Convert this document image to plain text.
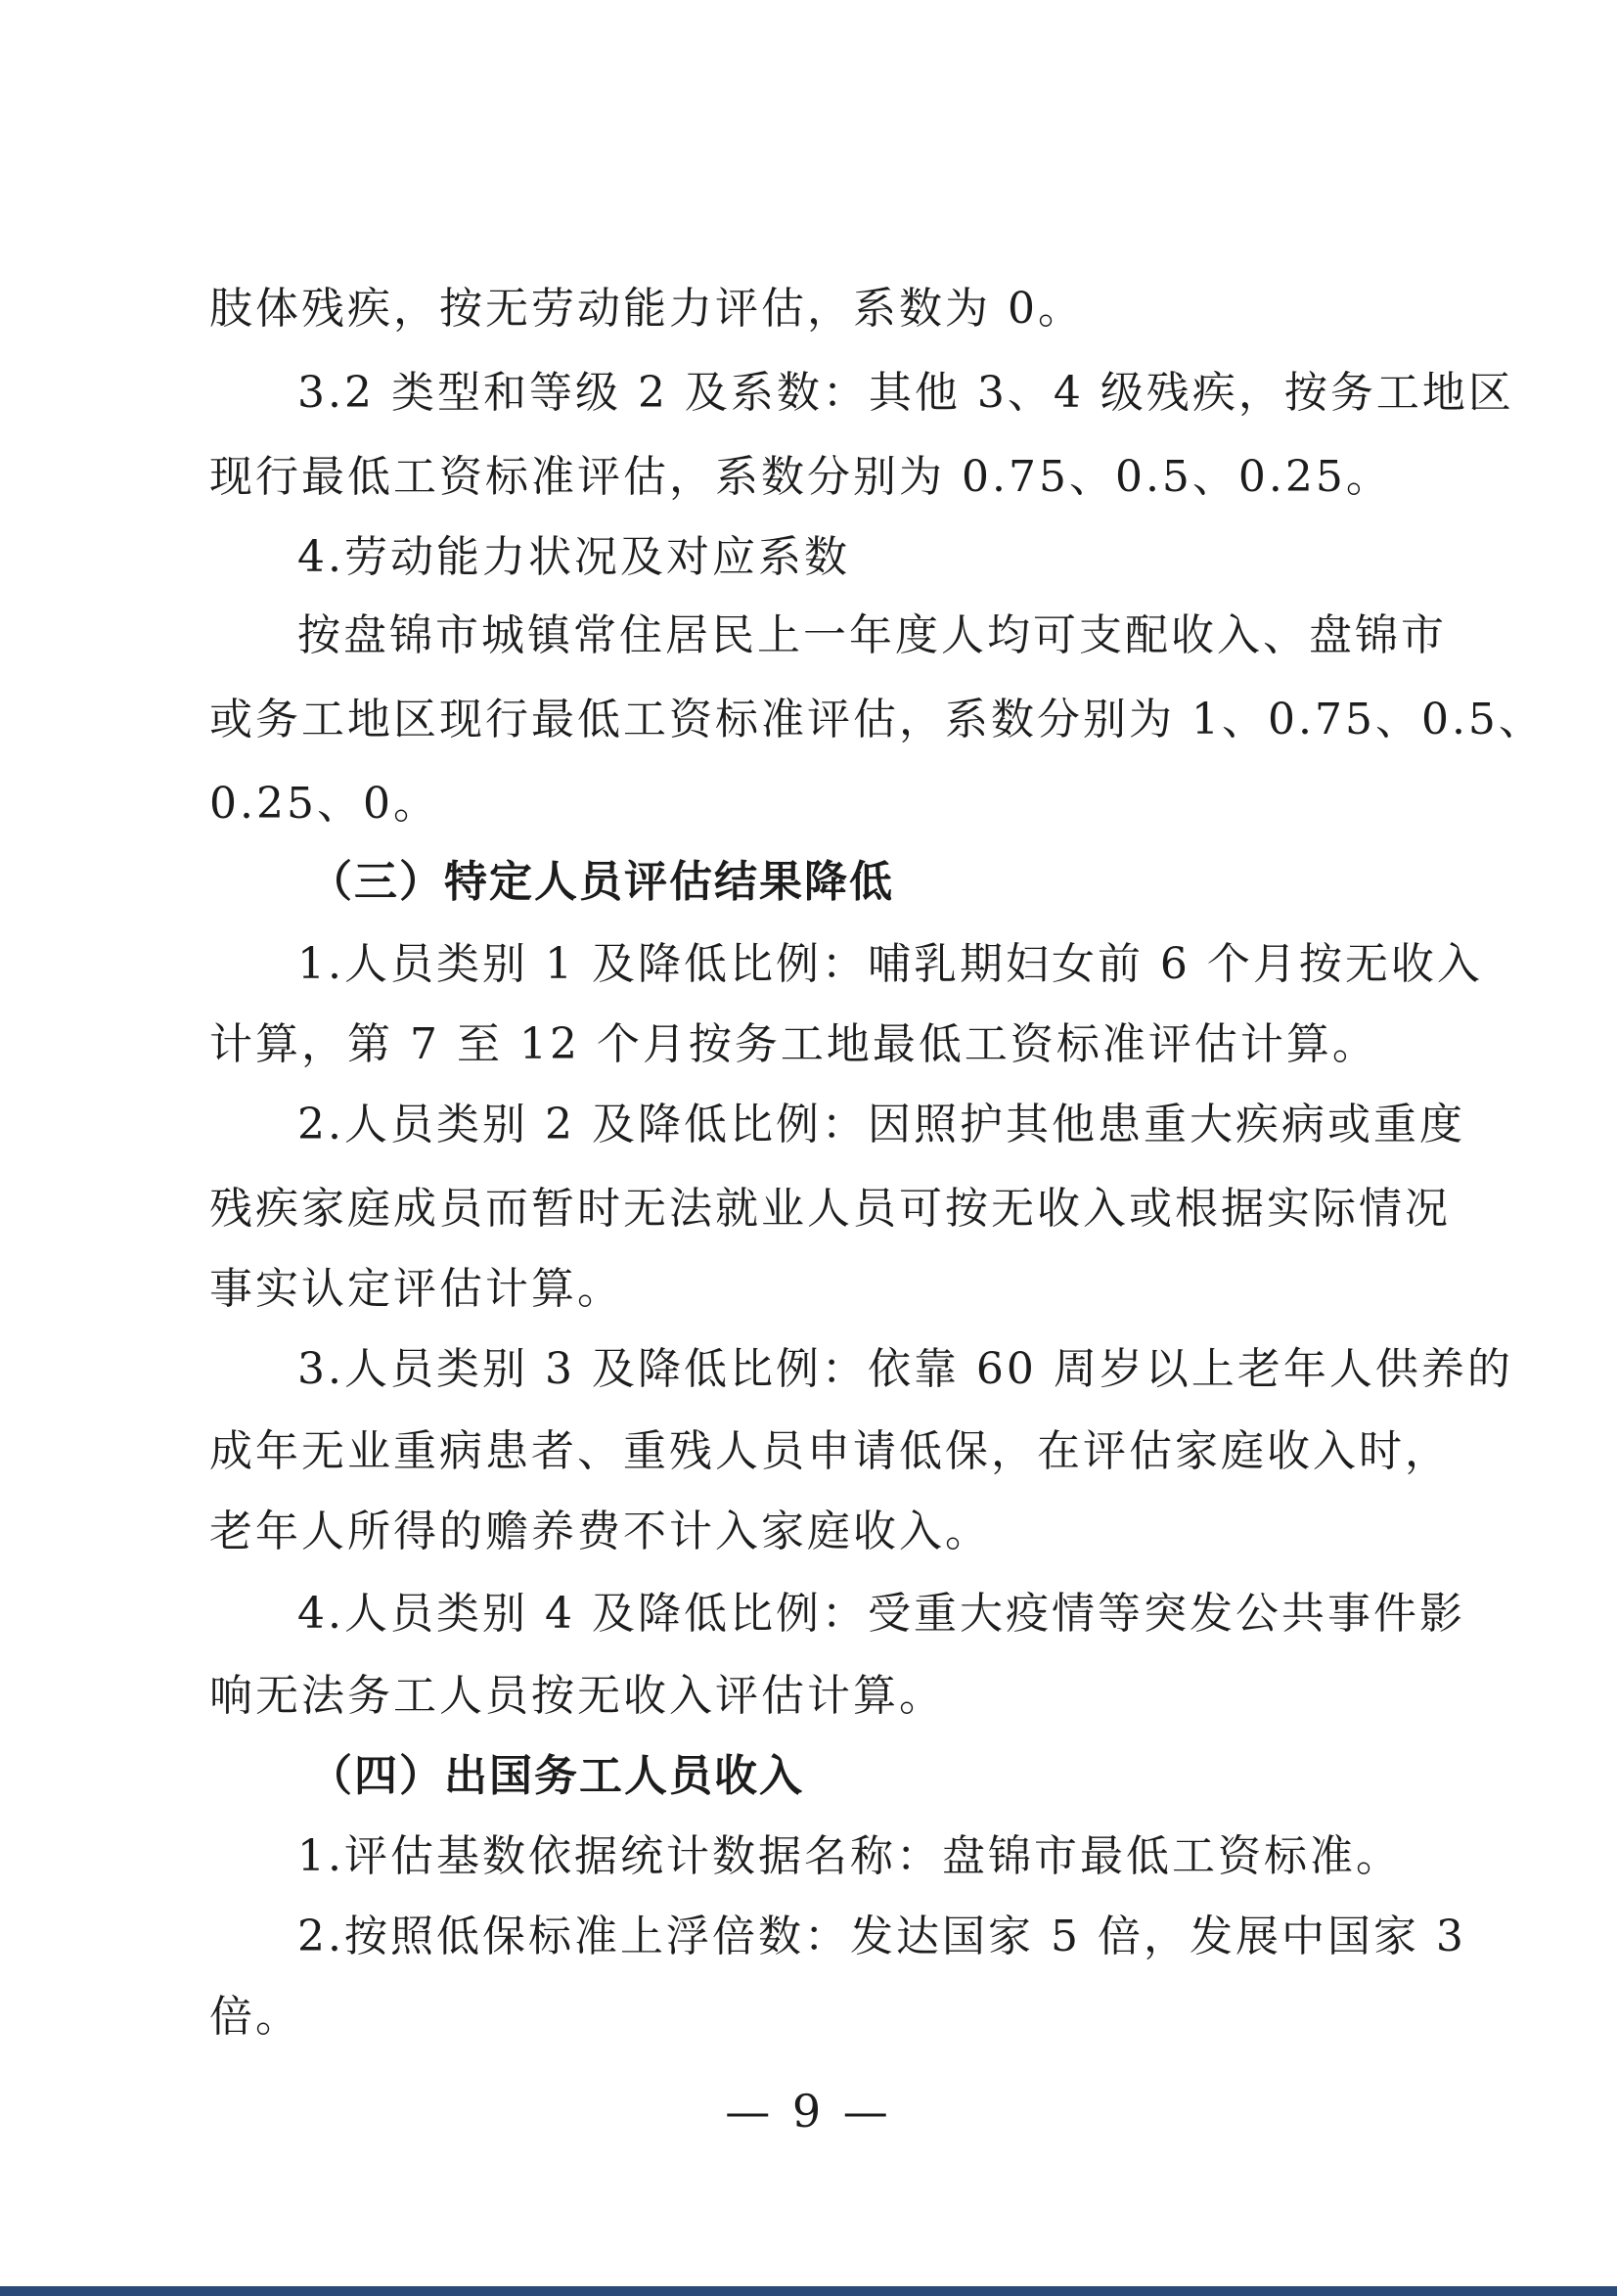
肢体残疾，按无劳动能力评估，系数为 0。
3.2 类型和等级 2 及系数：其他 3、4 级残疾，按务工地区
现行最低工资标准评估，系数分别为 0.75、0.5、0.25。
4.劳动能力状况及对应系数
按盘锦市城镇常住居民上一年度人均可支配收入、盘锦市
或务工地区现行最低工资标准评估，系数分别为 1、0.75、0.5、
0.25、0。
（三）特定人员评估结果降低
1.人员类别 1 及降低比例：哺乳期妇女前 6 个月按无收入
计算，第 7 至 12 个月按务工地最低工资标准评估计算。
2.人员类别 2 及降低比例：因照护其他患重大疾病或重度
残疾家庭成员而暂时无法就业人员可按无收入或根据实际情况
事实认定评估计算。
3.人员类别 3 及降低比例：依靠 60 周岁以上老年人供养的
成年无业重病患者、重残人员申请低保，在评估家庭收入时，
老年人所得的赡养费不计入家庭收入。
4.人员类别 4 及降低比例：受重大疫情等突发公共事件影
响无法务工人员按无收入评估计算。
（四）出国务工人员收入
1.评估基数依据统计数据名称：盘锦市最低工资标准。
2.按照低保标准上浮倍数：发达国家 5 倍，发展中国家 3
倍。
— 9 —
